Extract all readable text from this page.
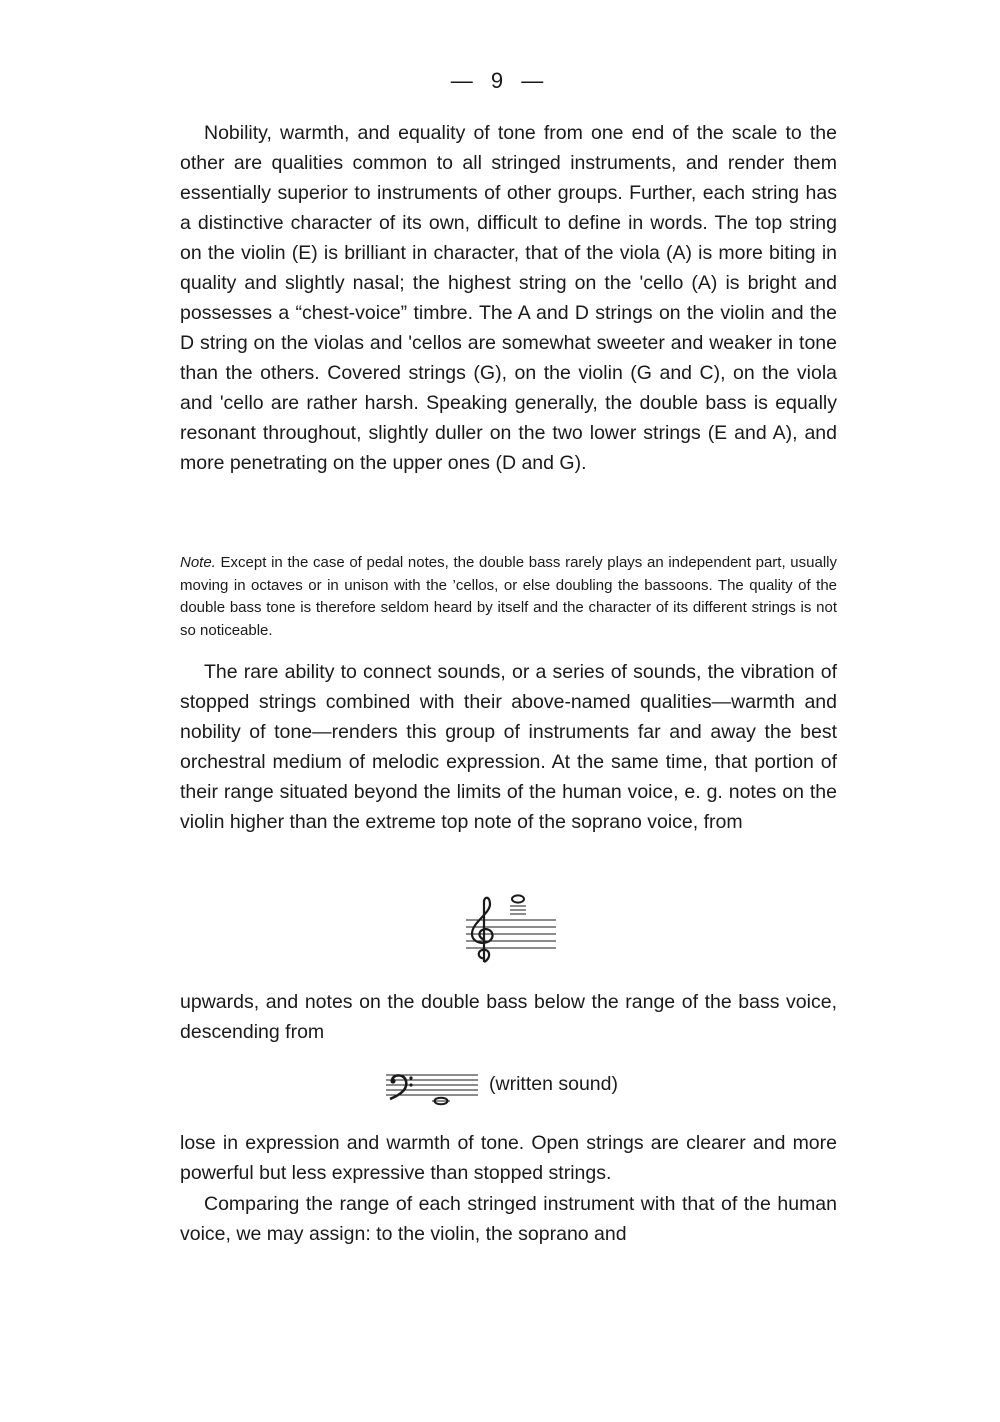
— 9 —

Nobility, warmth, and equality of tone from one end of the scale to the other are qualities common to all stringed instruments, and render them essentially superior to instruments of other groups. Further, each string has a distinctive character of its own, difficult to define in words. The top string on the violin (E) is brilliant in character, that of the viola (A) is more biting in quality and slightly nasal; the highest string on the 'cello (A) is bright and possesses a “chest-voice” timbre. The A and D strings on the violin and the D string on the violas and 'cellos are somewhat sweeter and weaker in tone than the others. Covered strings (G), on the violin (G and C), on the viola and 'cello are rather harsh. Speaking generally, the double bass is equally resonant throughout, slightly duller on the two lower strings (E and A), and more penetrating on the upper ones (D and G).

Note. Except in the case of pedal notes, the double bass rarely plays an independent part, usually moving in octaves or in unison with the ’cellos, or else doubling the bassoons. The quality of the double bass tone is therefore seldom heard by itself and the character of its different strings is not so noticeable.

The rare ability to connect sounds, or a series of sounds, the vibration of stopped strings combined with their above-named qualities—warmth and nobility of tone—renders this group of instruments far and away the best orchestral medium of melodic expression. At the same time, that portion of their range situated beyond the limits of the human voice, e. g. notes on the violin higher than the extreme top note of the soprano voice, from

upwards, and notes on the double bass below the range of the bass voice, descending from

(written sound)

lose in expression and warmth of tone. Open strings are clearer and more powerful but less expressive than stopped strings.

Comparing the range of each stringed instrument with that of the human voice, we may assign: to the violin, the soprano and
